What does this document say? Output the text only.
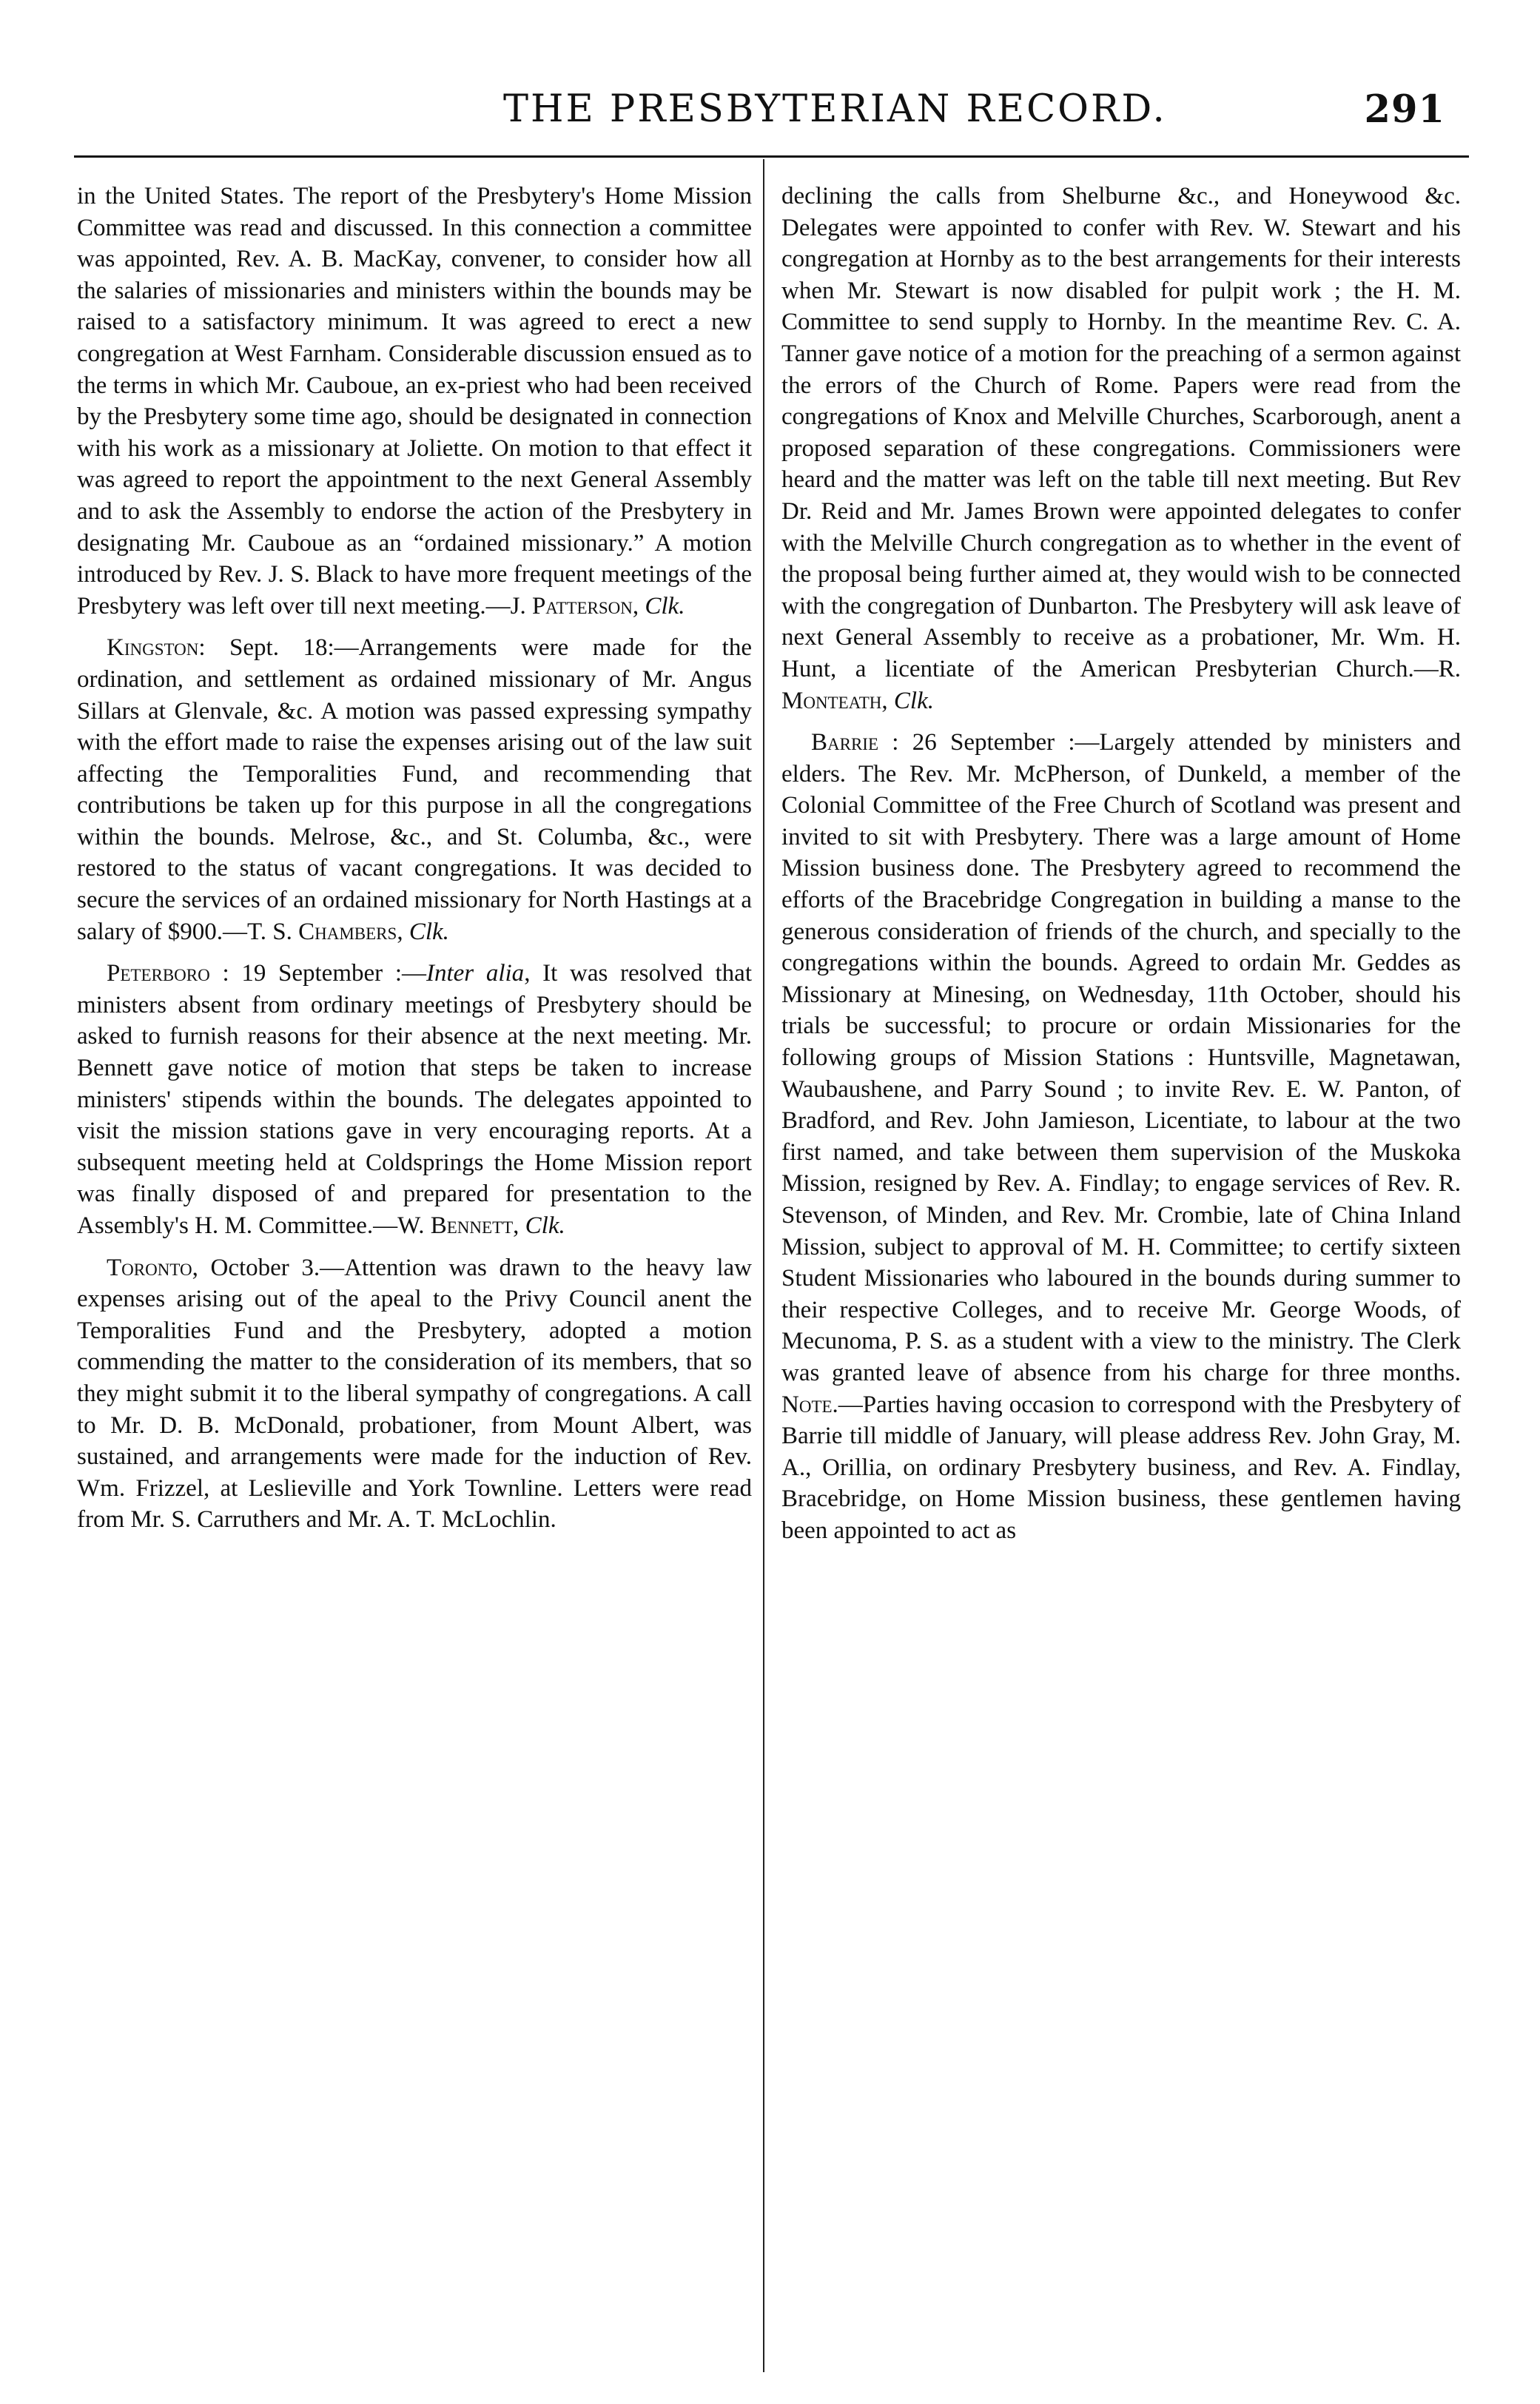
THE PRESBYTERIAN RECORD.	291

in the United States. The report of the Presbytery's Home Mission Committee was read and discussed. In this connection a committee was appointed, Rev. A. B. MacKay, convener, to consider how all the salaries of missionaries and ministers within the bounds may be raised to a satisfactory minimum. It was agreed to erect a new congregation at West Farnham. Considerable discussion ensued as to the terms in which Mr. Cauboue, an ex-priest who had been received by the Presbytery some time ago, should be designated in connection with his work as a missionary at Joliette. On motion to that effect it was agreed to report the appointment to the next General Assembly and to ask the Assembly to endorse the action of the Presbytery in designating Mr. Cauboue as an “ordained missionary.” A motion introduced by Rev. J. S. Black to have more frequent meetings of the Presbytery was left over till next meeting.—J. Patterson, Clk.

Kingston: Sept. 18:—Arrangements were made for the ordination, and settlement as ordained missionary of Mr. Angus Sillars at Glenvale, &c. A motion was passed expressing sympathy with the effort made to raise the expenses arising out of the law suit affecting the Temporalities Fund, and recommending that contributions be taken up for this purpose in all the congregations within the bounds. Melrose, &c., and St. Columba, &c., were restored to the status of vacant congregations. It was decided to secure the services of an ordained missionary for North Hastings at a salary of $900.—T. S. Chambers, Clk.

Peterboro : 19 September :—Inter alia, It was resolved that ministers absent from ordinary meetings of Presbytery should be asked to furnish reasons for their absence at the next meeting. Mr. Bennett gave notice of motion that steps be taken to increase ministers' stipends within the bounds. The delegates appointed to visit the mission stations gave in very encouraging reports. At a subsequent meeting held at Coldsprings the Home Mission report was finally disposed of and prepared for presentation to the Assembly's H. M. Committee.—W. Bennett, Clk.

Toronto, October 3.—Attention was drawn to the heavy law expenses arising out of the apeal to the Privy Council anent the Temporalities Fund and the Presbytery, adopted a motion commending the matter to the consideration of its members, that so they might submit it to the liberal sympathy of congregations. A call to Mr. D. B. McDonald, probationer, from Mount Albert, was sustained, and arrangements were made for the induction of Rev. Wm. Frizzel, at Leslieville and York Townline. Letters were read from Mr. S. Carruthers and Mr. A. T. McLochlin.

declining the calls from Shelburne &c., and Honeywood &c. Delegates were appointed to confer with Rev. W. Stewart and his congregation at Hornby as to the best arrangements for their interests when Mr. Stewart is now disabled for pulpit work ; the H. M. Committee to send supply to Hornby. In the meantime Rev. C. A. Tanner gave notice of a motion for the preaching of a sermon against the errors of the Church of Rome. Papers were read from the congregations of Knox and Melville Churches, Scarborough, anent a proposed separation of these congregations. Commissioners were heard and the matter was left on the table till next meeting. But Rev Dr. Reid and Mr. James Brown were appointed delegates to confer with the Melville Church congregation as to whether in the event of the proposal being further aimed at, they would wish to be connected with the congregation of Dunbarton. The Presbytery will ask leave of next General Assembly to receive as a probationer, Mr. Wm. H. Hunt, a licentiate of the American Presbyterian Church.—R. Monteath, Clk.

Barrie : 26 September :—Largely attended by ministers and elders. The Rev. Mr. McPherson, of Dunkeld, a member of the Colonial Committee of the Free Church of Scotland was present and invited to sit with Presbytery. There was a large amount of Home Mission business done. The Presbytery agreed to recommend the efforts of the Bracebridge Congregation in building a manse to the generous consideration of friends of the church, and specially to the congregations within the bounds. Agreed to ordain Mr. Geddes as Missionary at Minesing, on Wednesday, 11th October, should his trials be successful; to procure or ordain Missionaries for the following groups of Mission Stations : Huntsville, Magnetawan, Waubaushene, and Parry Sound ; to invite Rev. E. W. Panton, of Bradford, and Rev. John Jamieson, Licentiate, to labour at the two first named, and take between them supervision of the Muskoka Mission, resigned by Rev. A. Findlay; to engage services of Rev. R. Stevenson, of Minden, and Rev. Mr. Crombie, late of China Inland Mission, subject to approval of M. H. Committee; to certify sixteen Student Missionaries who laboured in the bounds during summer to their respective Colleges, and to receive Mr. George Woods, of Mecunoma, P. S. as a student with a view to the ministry. The Clerk was granted leave of absence from his charge for three months. Note.—Parties having occasion to correspond with the Presbytery of Barrie till middle of January, will please address Rev. John Gray, M. A., Orillia, on ordinary Presbytery business, and Rev. A. Findlay, Bracebridge, on Home Mission business, these gentlemen having been appointed to act as
